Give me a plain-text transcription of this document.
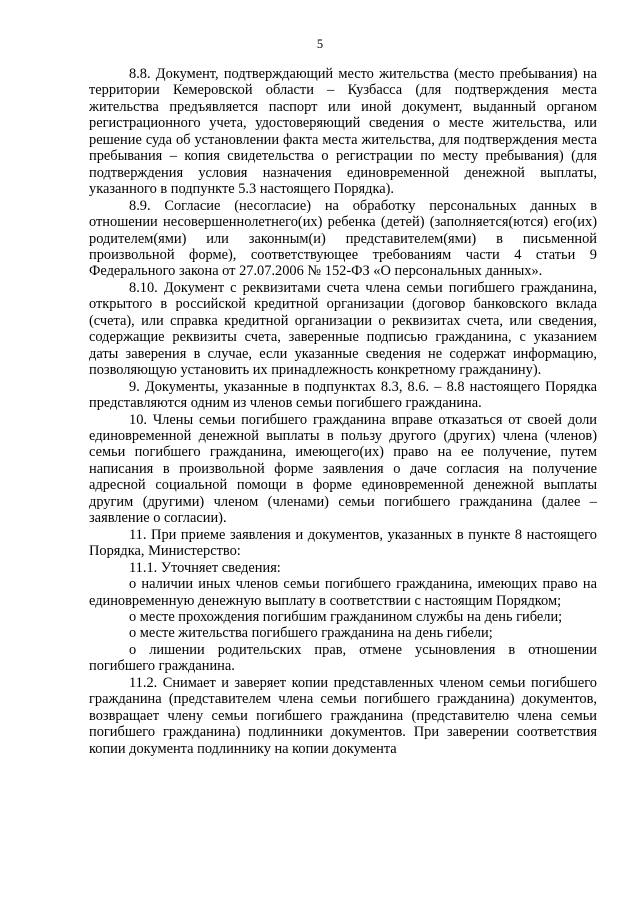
5

8.8. Документ, подтверждающий место жительства (место пребывания) на территории Кемеровской области – Кузбасса (для подтверждения места жительства предъявляется паспорт или иной документ, выданный органом регистрационного учета, удостоверяющий сведения о месте жительства, или решение суда об установлении факта места жительства, для подтверждения места пребывания – копия свидетельства о регистрации по месту пребывания) (для подтверждения условия назначения единовременной денежной выплаты, указанного в подпункте 5.3 настоящего Порядка).

8.9. Согласие (несогласие) на обработку персональных данных в отношении несовершеннолетнего(их) ребенка (детей) (заполняется(ются) его(их) родителем(ями) или законным(и) представителем(ями) в письменной произвольной форме), соответствующее требованиям части 4 статьи 9 Федерального закона от 27.07.2006 № 152-ФЗ «О персональных данных».

8.10. Документ с реквизитами счета члена семьи погибшего гражданина, открытого в российской кредитной организации (договор банковского вклада (счета), или справка кредитной организации о реквизитах счета, или сведения, содержащие реквизиты счета, заверенные подписью гражданина, с указанием даты заверения в случае, если указанные сведения не содержат информацию, позволяющую установить их принадлежность конкретному гражданину).

9. Документы, указанные в подпунктах 8.3, 8.6. – 8.8 настоящего Порядка представляются одним из членов семьи погибшего гражданина.

10. Члены семьи погибшего гражданина вправе отказаться от своей доли единовременной денежной выплаты в пользу другого (других) члена (членов) семьи погибшего гражданина, имеющего(их) право на ее получение, путем написания в произвольной форме заявления о даче согласия на получение адресной социальной помощи в форме единовременной денежной выплаты другим (другими) членом (членами) семьи погибшего гражданина (далее – заявление о согласии).

11. При приеме заявления и документов, указанных в пункте 8 настоящего Порядка, Министерство:

11.1. Уточняет сведения:

о наличии иных членов семьи погибшего гражданина, имеющих право на единовременную денежную выплату в соответствии с настоящим Порядком;

о месте прохождения погибшим гражданином службы на день гибели;

о месте жительства погибшего гражданина на день гибели;

о лишении родительских прав, отмене усыновления в отношении погибшего гражданина.

11.2. Снимает и заверяет копии представленных членом семьи погибшего гражданина (представителем члена семьи погибшего гражданина) документов, возвращает члену семьи погибшего гражданина (представителю члена семьи погибшего гражданина) подлинники документов. При заверении соответствия копии документа подлиннику на копии документа
